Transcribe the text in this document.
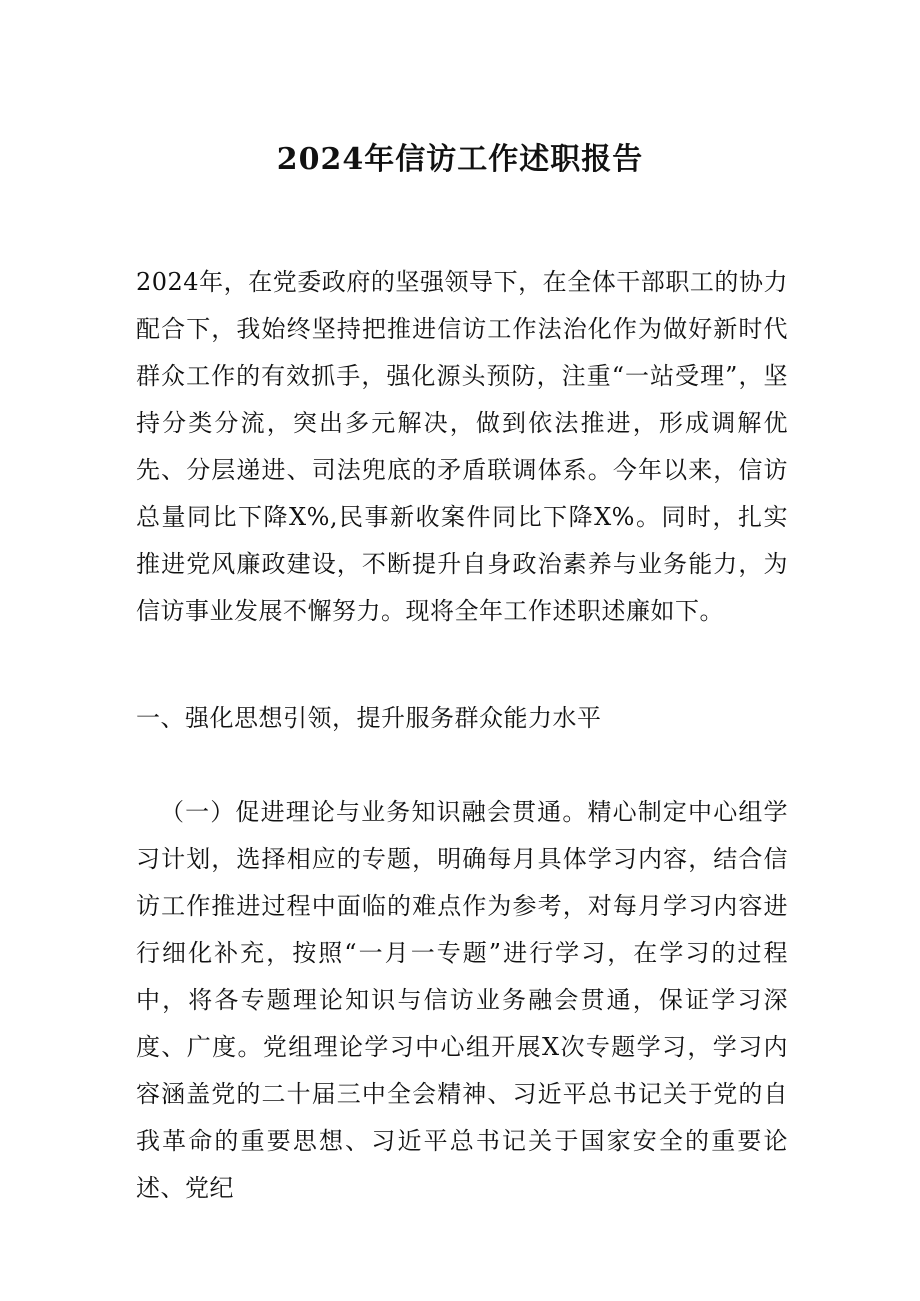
2024年信访工作述职报告

2024年，在党委政府的坚强领导下，在全体干部职工的协力配合下，我始终坚持把推进信访工作法治化作为做好新时代群众工作的有效抓手，强化源头预防，注重“一站受理”，坚持分类分流，突出多元解决，做到依法推进，形成调解优先、分层递进、司法兜底的矛盾联调体系。今年以来，信访总量同比下降X%,民事新收案件同比下降X%。同时，扎实推进党风廉政建设，不断提升自身政治素养与业务能力，为信访事业发展不懈努力。现将全年工作述职述廉如下。

一、强化思想引领，提升服务群众能力水平

（一）促进理论与业务知识融会贯通。精心制定中心组学习计划，选择相应的专题，明确每月具体学习内容，结合信访工作推进过程中面临的难点作为参考，对每月学习内容进行细化补充，按照“一月一专题”进行学习，在学习的过程中，将各专题理论知识与信访业务融会贯通，保证学习深度、广度。党组理论学习中心组开展X次专题学习，学习内容涵盖党的二十届三中全会精神、习近平总书记关于党的自我革命的重要思想、习近平总书记关于国家安全的重要论述、党纪
